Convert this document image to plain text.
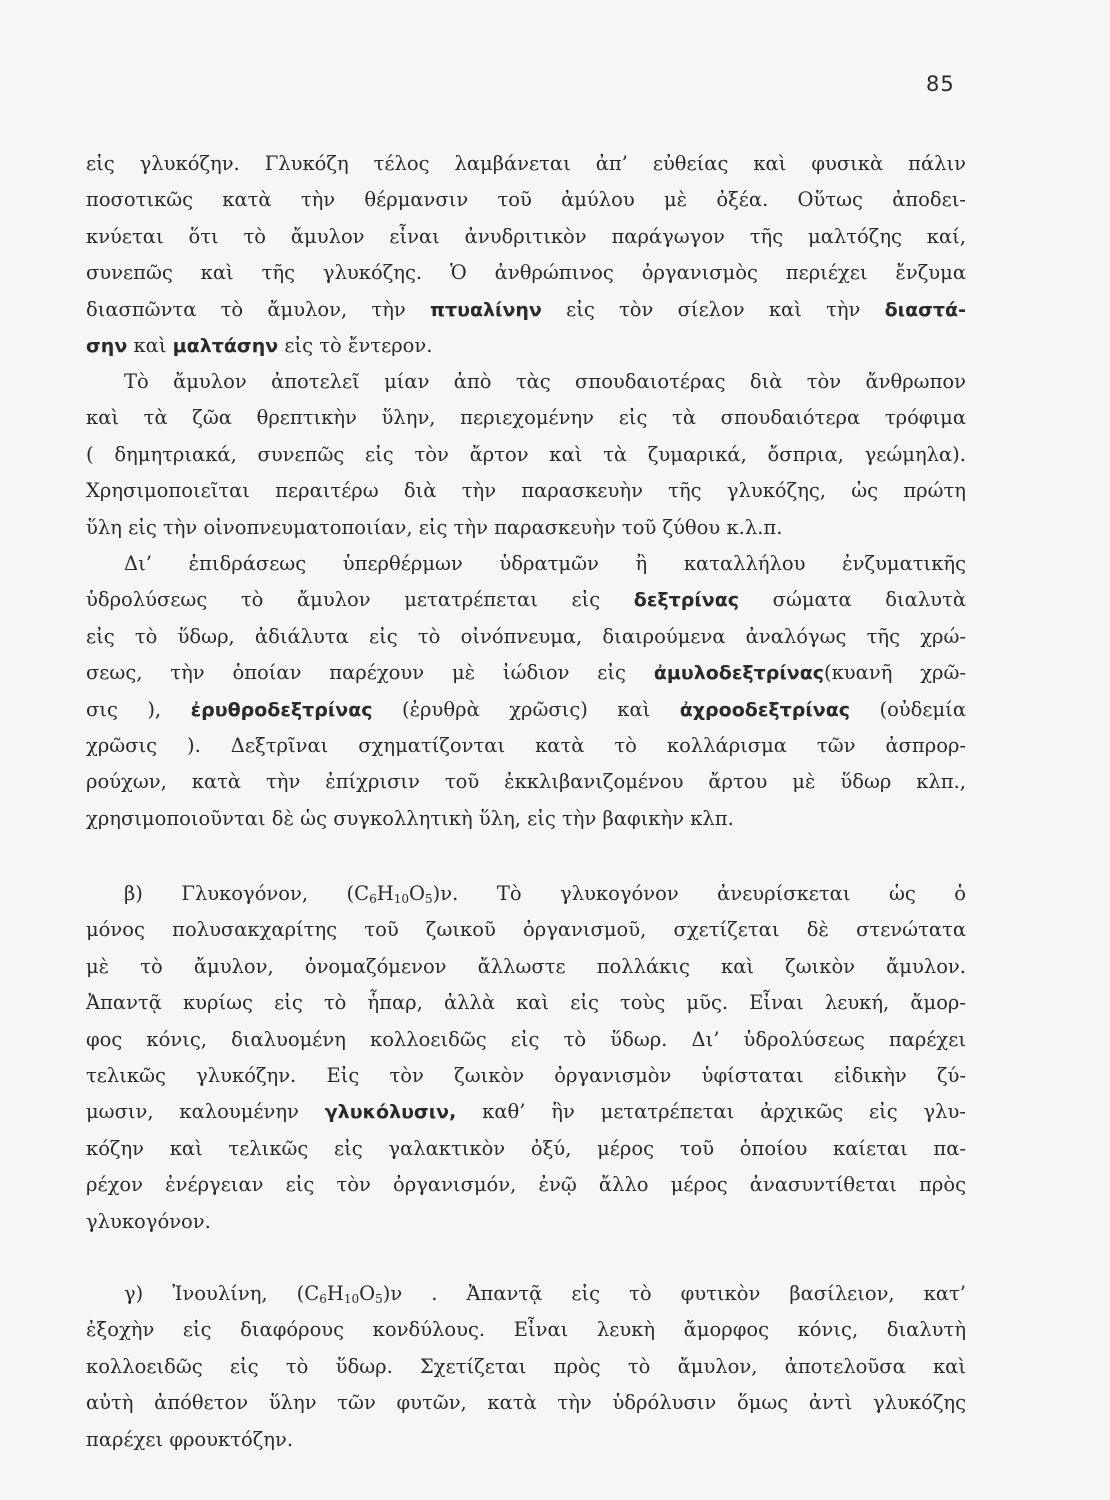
85
εἰς γλυκόζην. Γλυκόζη τέλος λαμβάνεται ἀπ’ εὐθείας καὶ φυσικὰ πάλιν
ποσοτικῶς κατὰ τὴν θέρμανσιν τοῦ ἀμύλου μὲ ὀξέα. Οὕτως ἀποδει-
κνύεται ὅτι τὸ ἄμυλον εἶναι ἀνυδριτικὸν παράγωγον τῆς μαλτόζης καί,
συνεπῶς καὶ τῆς γλυκόζης. Ὁ ἀνθρώπινος ὀργανισμὸς περιέχει ἔνζυμα
διασπῶντα τὸ ἄμυλον, τὴν πτυαλίνην εἰς τὸν σίελον καὶ τὴν διαστά-
σην καὶ μαλτάσην εἰς τὸ ἔντερον.
Τὸ ἄμυλον ἀποτελεῖ μίαν ἀπὸ τὰς σπουδαιοτέρας διὰ τὸν ἄνθρωπον
καὶ τὰ ζῶα θρεπτικὴν ὕλην, περιεχομένην εἰς τὰ σπουδαιότερα τρόφιμα
( δημητριακά, συνεπῶς εἰς τὸν ἄρτον καὶ τὰ ζυμαρικά, ὄσπρια, γεώμηλα).
Χρησιμοποιεῖται περαιτέρω διὰ τὴν παρασκευὴν τῆς γλυκόζης, ὡς πρώτη
ὕλη εἰς τὴν οἰνοπνευματοποιίαν, εἰς τὴν παρασκευὴν τοῦ ζύθου κ.λ.π.
Δι’ ἐπιδράσεως ὑπερθέρμων ὑδρατμῶν ἢ καταλλήλου ἐνζυματικῆς
ὑδρολύσεως τὸ ἄμυλον μετατρέπεται εἰς δεξτρίνας σώματα διαλυτὰ
εἰς τὸ ὕδωρ, ἀδιάλυτα εἰς τὸ οἰνόπνευμα, διαιρούμενα ἀναλόγως τῆς χρώ-
σεως, τὴν ὁποίαν παρέχουν μὲ ἰώδιον εἰς ἀμυλοδεξτρίνας(κυανῆ χρῶ-
σις ), ἐρυθροδεξτρίνας (ἐρυθρὰ χρῶσις) καὶ ἀχροοδεξτρίνας (οὐδεμία
χρῶσις ). Δεξτρῖναι σχηματίζονται κατὰ τὸ κολλάρισμα τῶν ἀσπρορ-
ρούχων, κατὰ τὴν ἐπίχρισιν τοῦ ἐκκλιβανιζομένου ἄρτου μὲ ὕδωρ κλπ.,
χρησιμοποιοῦνται δὲ ὡς συγκολλητικὴ ὕλη, εἰς τὴν βαφικὴν κλπ.
β) Γλυκογόνον, $(C_6H_{10}O_5)\nu$. Τὸ γλυκογόνον ἀνευρίσκεται ὡς ὁ
μόνος πολυσακχαρίτης τοῦ ζωικοῦ ὀργανισμοῦ, σχετίζεται δὲ στενώτατα
μὲ τὸ ἄμυλον, ὀνομαζόμενον ἄλλωστε πολλάκις καὶ ζωικὸν ἄμυλον.
Ἀπαντᾷ κυρίως εἰς τὸ ἧπαρ, ἀλλὰ καὶ εἰς τοὺς μῦς. Εἶναι λευκή, ἄμορ-
φος κόνις, διαλυομένη κολλοειδῶς εἰς τὸ ὕδωρ. Δι’ ὑδρολύσεως παρέχει
τελικῶς γλυκόζην. Εἰς τὸν ζωικὸν ὀργανισμὸν ὑφίσταται εἰδικὴν ζύ-
μωσιν, καλουμένην γλυκόλυσιν, καθ’ ἣν μετατρέπεται ἀρχικῶς εἰς γλυ-
κόζην καὶ τελικῶς εἰς γαλακτικὸν ὀξύ, μέρος τοῦ ὁποίου καίεται πα-
ρέχον ἐνέργειαν εἰς τὸν ὀργανισμόν, ἐνῷ ἄλλο μέρος ἀνασυντίθεται πρὸς
γλυκογόνον.
γ) Ἰνουλίνη, $(C_6H_{10}O_5)\nu$ . Ἀπαντᾷ εἰς τὸ φυτικὸν βασίλειον, κατ’
ἐξοχὴν εἰς διαφόρους κονδύλους. Εἶναι λευκὴ ἄμορφος κόνις, διαλυτὴ
κολλοειδῶς εἰς τὸ ὕδωρ. Σχετίζεται πρὸς τὸ ἄμυλον, ἀποτελοῦσα καὶ
αὐτὴ ἀπόθετον ὕλην τῶν φυτῶν, κατὰ τὴν ὑδρόλυσιν ὅμως ἀντὶ γλυκόζης
παρέχει φρουκτόζην.
